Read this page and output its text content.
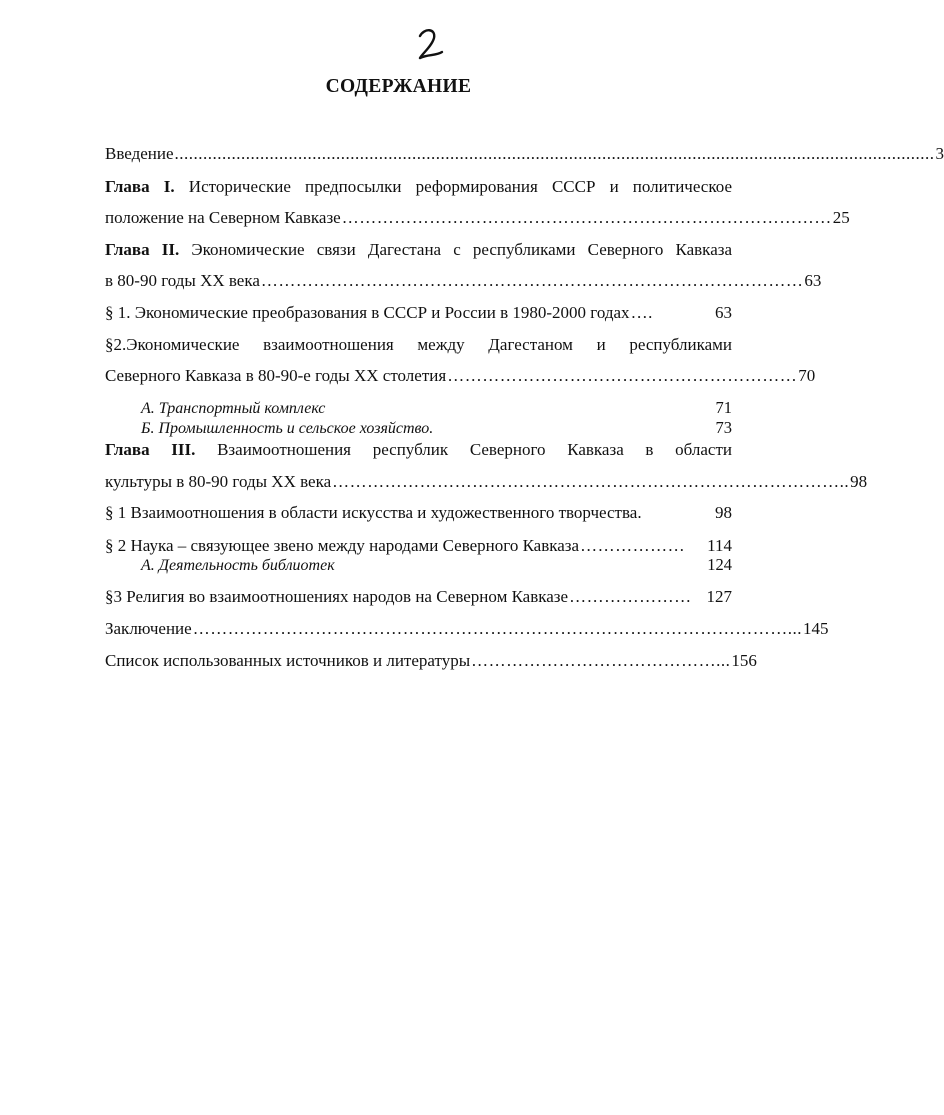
СОДЕРЖАНИЕ
Введение ................................................................................................................................................................ 3
Глава I. Исторические предпосылки реформирования СССР и политическое
положение на Северном Кавказе ………………………………………………………………………… 25
Глава II. Экономические связи Дагестана с республиками Северного Кавказа
в 80-90 годы XX века ………………………………………………………………………………… 63
§ 1. Экономические преобразования в СССР и России в 1980-2000 годах ….	63
§2.Экономические взаимоотношения между Дагестаном и республиками
Северного Кавказа в 80-90-е годы XX столетия …………………………………………………… 70
А. Транспортный комплекс	71
Б. Промышленность и сельское хозяйство.	73
Глава III. Взаимоотношения республик Северного Кавказа в области
культуры в 80-90 годы XX века …………………………………………………………………………….. 98
§ 1 Взаимоотношения в области искусства и художественного творчества.	98
§ 2 Наука – связующее звено между народами Северного Кавказа ………………	114
А. Деятельность библиотек	124
§3 Религия во взаимоотношениях народов на Северном Кавказе ………………… 127
Заключение …………………………………………………………………………………………... 145
Список использованных источников и литературы ……………………………………... 156
